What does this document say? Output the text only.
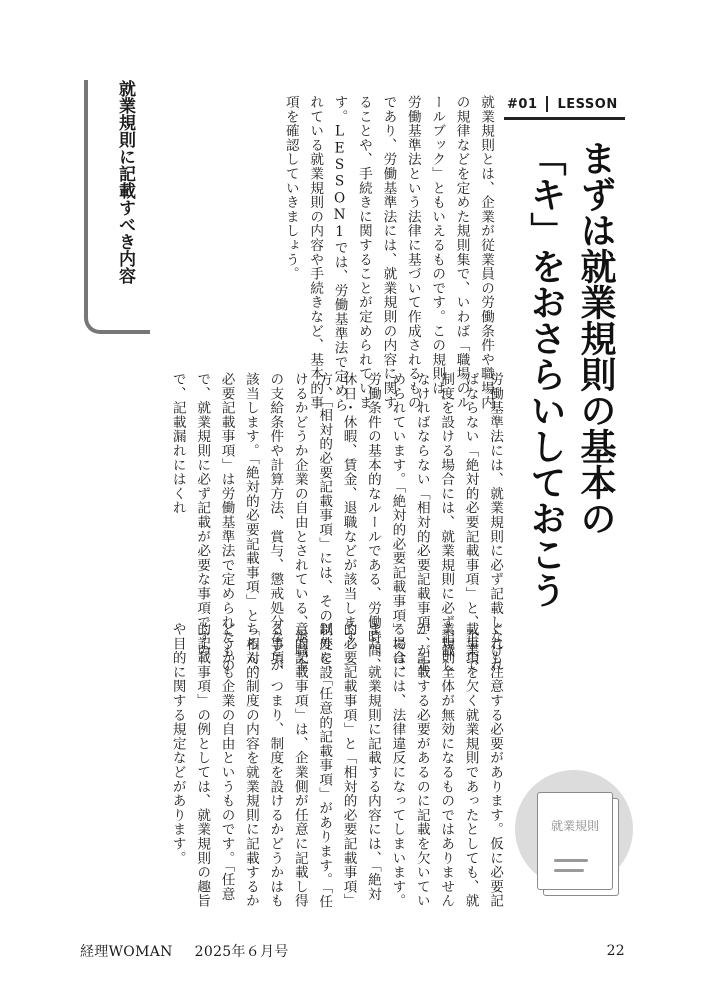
#01 LESSON
まずは就業規則の基本の「キ」をおさらいしておこう
就業規則に記載すべき内容	就業規則とは、企業が従業員の労働条件や職場内の規律などを定めた規則集で、いわば「職場のルールブック」ともいえるものです。この規則は、労働基準法という法律に基づいて作成されるものであり、労働基準法には、就業規則の内容に関することや、手続きに関することが定められています。LESSON1では、労働基準法で定められている就業規則の内容や手続きなど、基本的事項を確認していきましょう。

労働基準法には、就業規則に必ず記載しなければならない「絶対的必要記載事項」と、企業で制度を設ける場合には、就業規則に必ず記載しなければならない「相対的必要記載事項」が定められています。「絶対的必要記載事項」には、労働条件の基本的なルールである、労働時間、休日・休暇、賃金、退職などが該当します。一方、「相対的必要記載事項」には、その制度を設けるかどうか企業の自由とされている、退職金の支給条件や計算方法、賞与、懲戒処分などが該当します。「絶対的必要記載事項」と「相対的必要記載事項」は労働基準法で定められたもので、就業規則に必ず記載が必要な事項ですので、記載漏れにはくれ

ぐれも注意する必要があります。仮に必要記載事項を欠く就業規則であったとしても、就業規則全体が無効になるものではありませんが、記載する必要があるのに記載を欠いている場合には、法律違反になってしまいます。また、就業規則に記載する内容には、「絶対的必要記載事項」と「相対的必要記載事項」以外に、「任意的記載事項」があります。「任意的記載事項」は、企業側が任意に記載し得る事項、つまり、制度を設けるかどうかはもちろん、制度の内容を就業規則に記載するかどうかも企業の自由というものです。「任意的記載事項」の例としては、就業規則の趣旨や目的に関する規定などがあります。	就業規則
経理WOMAN 2025年６月号	22
